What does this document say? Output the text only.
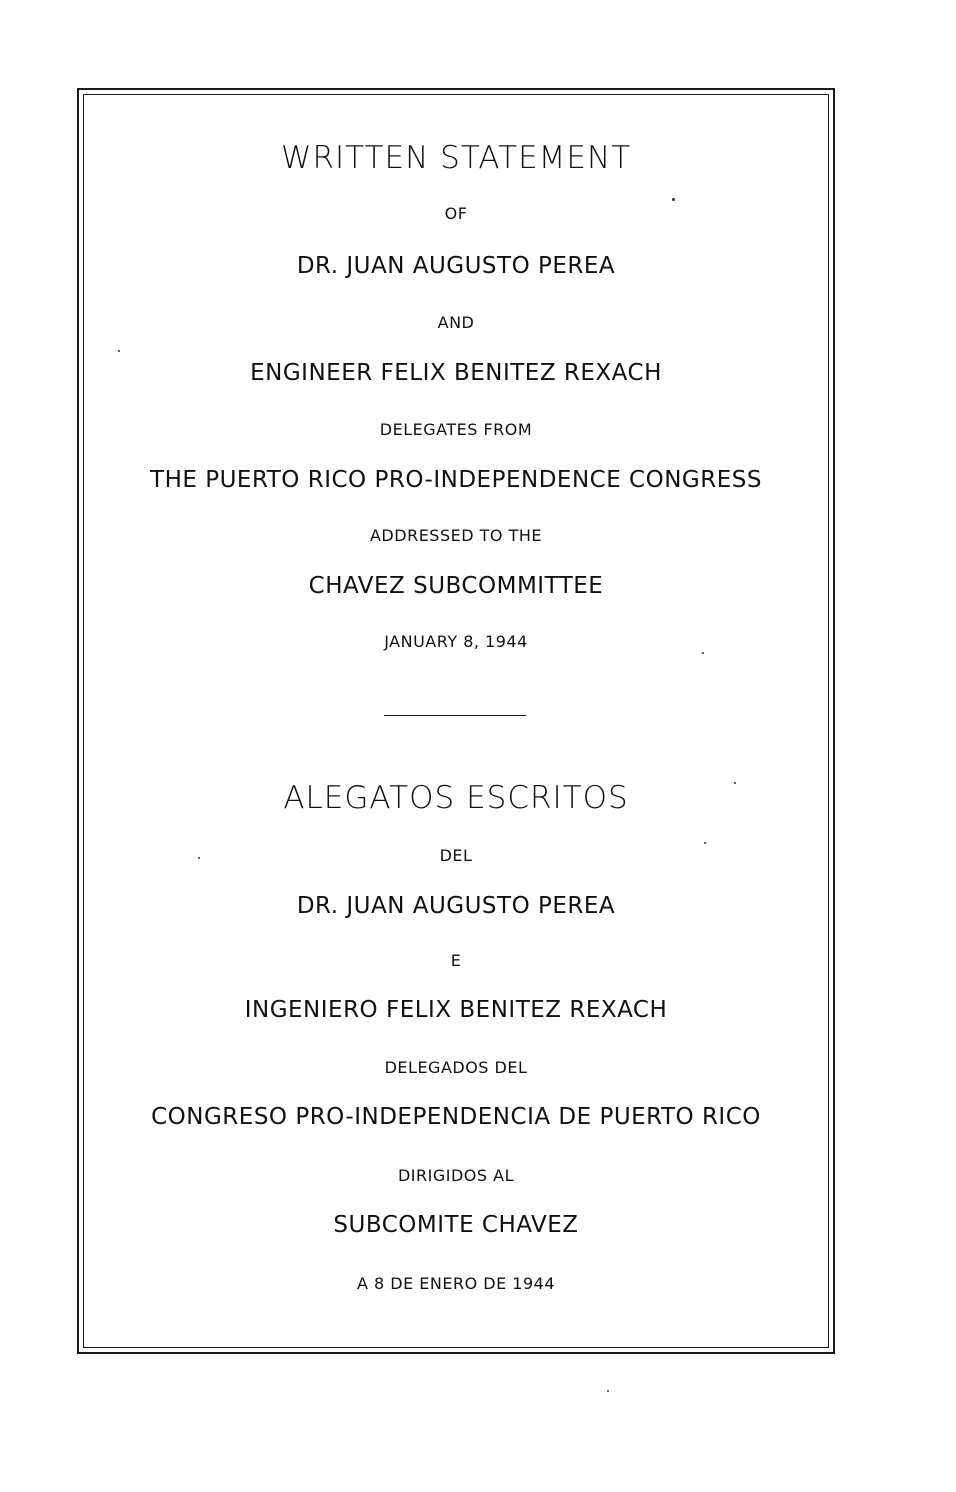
WRITTEN STATEMENT
OF
DR. JUAN AUGUSTO PEREA
AND
ENGINEER FELIX BENITEZ REXACH
DELEGATES FROM
THE PUERTO RICO PRO-INDEPENDENCE CONGRESS
ADDRESSED TO THE
CHAVEZ SUBCOMMITTEE
JANUARY 8, 1944
ALEGATOS ESCRITOS
DEL
DR. JUAN AUGUSTO PEREA
E
INGENIERO FELIX BENITEZ REXACH
DELEGADOS DEL
CONGRESO PRO-INDEPENDENCIA DE PUERTO RICO
DIRIGIDOS AL
SUBCOMITE CHAVEZ
A 8 DE ENERO DE 1944
